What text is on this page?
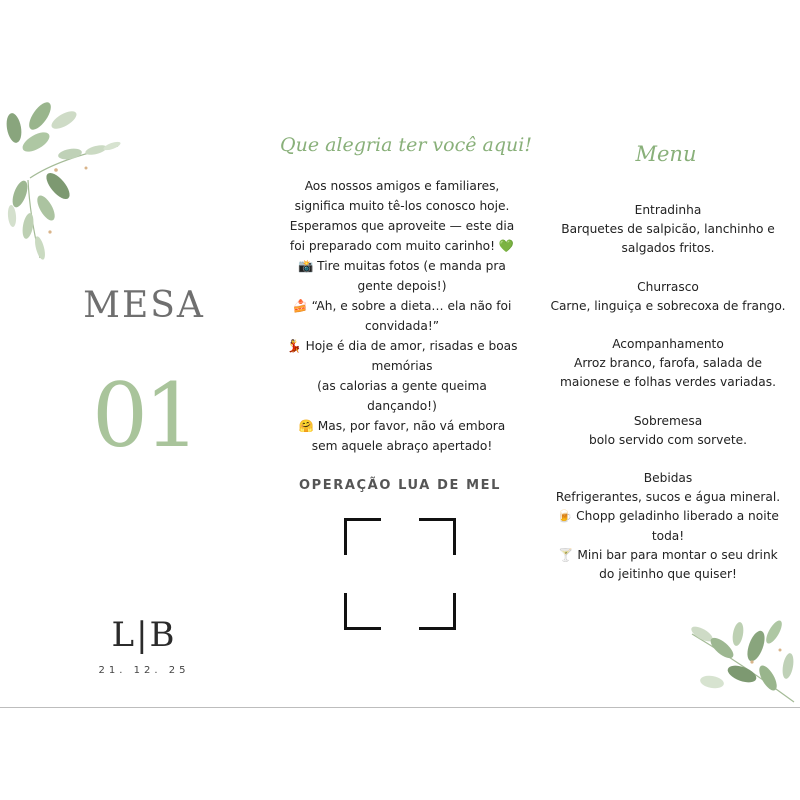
MESA
01
L|B
21. 12. 25
Que alegria ter você aqui!
Aos nossos amigos e familiares,
significa muito tê-los conosco hoje.
Esperamos que aproveite — este dia
foi preparado com muito carinho! 💚
📸 Tire muitas fotos (e manda pra
gente depois!)
🍰 “Ah, e sobre a dieta… ela não foi
convidada!”
💃 Hoje é dia de amor, risadas e boas
memórias
(as calorias a gente queima
dançando!)
🤗 Mas, por favor, não vá embora
sem aquele abraço apertado!
OPERAÇÃO LUA DE MEL
Menu
Entradinha
Barquetes de salpicão, lanchinho e
salgados fritos.
Churrasco
Carne, linguiça e sobrecoxa de frango.
Acompanhamento
Arroz branco, farofa, salada de
maionese e folhas verdes variadas.
Sobremesa
bolo servido com sorvete.
Bebidas
Refrigerantes, sucos e água mineral.
🍺 Chopp geladinho liberado a noite
toda!
🍸 Mini bar para montar o seu drink
do jeitinho que quiser!
